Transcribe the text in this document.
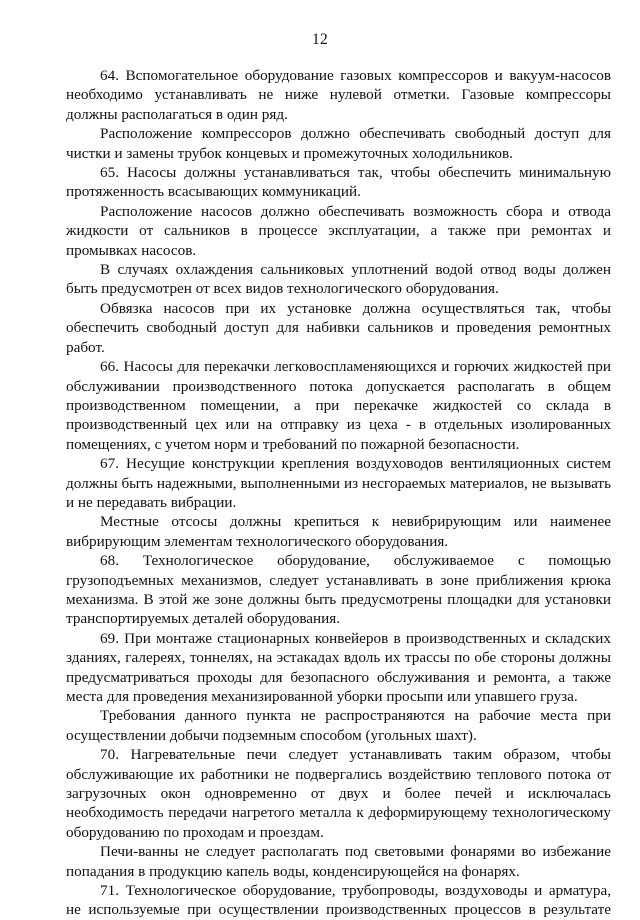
12

64. Вспомогательное оборудование газовых компрессоров и вакуум-насосов необходимо устанавливать не ниже нулевой отметки. Газовые компрессоры должны располагаться в один ряд.

Расположение компрессоров должно обеспечивать свободный доступ для чистки и замены трубок концевых и промежуточных холодильников.

65. Насосы должны устанавливаться так, чтобы обеспечить минимальную протяженность всасывающих коммуникаций.

Расположение насосов должно обеспечивать возможность сбора и отвода жидкости от сальников в процессе эксплуатации, а также при ремонтах и промывках насосов.

В случаях охлаждения сальниковых уплотнений водой отвод воды должен быть предусмотрен от всех видов технологического оборудования.

Обвязка насосов при их установке должна осуществляться так, чтобы обеспечить свободный доступ для набивки сальников и проведения ремонтных работ.

66. Насосы для перекачки легковоспламеняющихся и горючих жидкостей при обслуживании производственного потока допускается располагать в общем производственном помещении, а при перекачке жидкостей со склада в производственный цех или на отправку из цеха - в отдельных изолированных помещениях, с учетом норм и требований по пожарной безопасности.

67. Несущие конструкции крепления воздуховодов вентиляционных систем должны быть надежными, выполненными из несгораемых материалов, не вызывать и не передавать вибрации.

Местные отсосы должны крепиться к невибрирующим или наименее вибрирующим элементам технологического оборудования.

68. Технологическое оборудование, обслуживаемое с помощью грузоподъемных механизмов, следует устанавливать в зоне приближения крюка механизма. В этой же зоне должны быть предусмотрены площадки для установки транспортируемых деталей оборудования.

69. При монтаже стационарных конвейеров в производственных и складских зданиях, галереях, тоннелях, на эстакадах вдоль их трассы по обе стороны должны предусматриваться проходы для безопасного обслуживания и ремонта, а также места для проведения механизированной уборки просыпи или упавшего груза.

Требования данного пункта не распространяются на рабочие места при осуществлении добычи подземным способом (угольных шахт).

70. Нагревательные печи следует устанавливать таким образом, чтобы обслуживающие их работники не подвергались воздействию теплового потока от загрузочных окон одновременно от двух и более печей и исключалась необходимость передачи нагретого металла к деформирующему технологическому оборудованию по проходам и проездам.

Печи-ванны не следует располагать под световыми фонарями во избежание попадания в продукцию капель воды, конденсирующейся на фонарях.

71. Технологическое оборудование, трубопроводы, воздуховоды и арматура, не используемые при осуществлении производственных процессов в результате
